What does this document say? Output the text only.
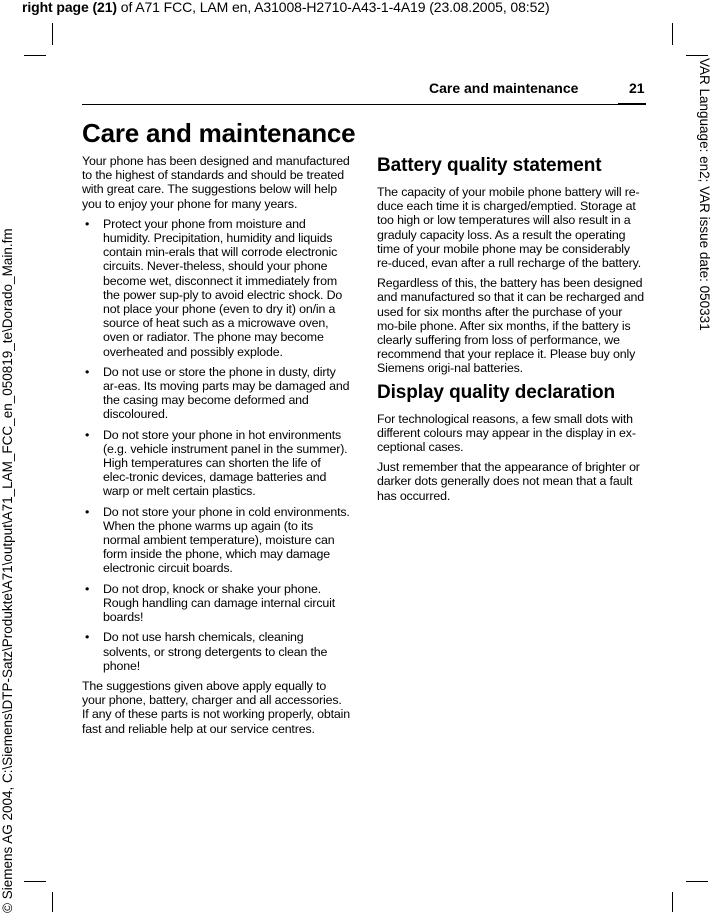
right page (21) of A71 FCC, LAM en, A31008-H2710-A43-1-4A19 (23.08.2005, 08:52)
VAR Language: en2; VAR issue date: 050331
© Siemens AG 2004, C:\Siemens\DTP-Satz\Produkte\A71\output\A71_LAM_FCC_en_050819_te\Dorado_Main.fm
Care and maintenance	21
Care and maintenance

Your phone has been designed and manufactured to the highest of standards and should be treated with great care. The suggestions below will help you to enjoy your phone for many years.

• Protect your phone from moisture and humidity. Precipitation, humidity and liquids contain min-erals that will corrode electronic circuits. Never-theless, should your phone become wet, disconnect it immediately from the power sup-ply to avoid electric shock. Do not place your phone (even to dry it) on/in a source of heat such as a microwave oven, oven or radiator. The phone may become overheated and possibly explode.
• Do not use or store the phone in dusty, dirty ar-eas. Its moving parts may be damaged and the casing may become deformed and discoloured.
• Do not store your phone in hot environments (e.g. vehicle instrument panel in the summer). High temperatures can shorten the life of elec-tronic devices, damage batteries and warp or melt certain plastics.
• Do not store your phone in cold environments. When the phone warms up again (to its normal ambient temperature), moisture can form inside the phone, which may damage electronic circuit boards.
• Do not drop, knock or shake your phone. Rough handling can damage internal circuit boards!
• Do not use harsh chemicals, cleaning solvents, or strong detergents to clean the phone!

The suggestions given above apply equally to your phone, battery, charger and all accessories. If any of these parts is not working properly, obtain fast and reliable help at our service centres.

Battery quality statement

The capacity of your mobile phone battery will re-duce each time it is charged/emptied. Storage at too high or low temperatures will also result in a gradulу capacity loss. As a result the operating time of your mobile phone may be considerably re-duced, evan after a rull recharge of the battery.

Regardless of this, the battery has been designed and manufactured so that it can be recharged and used for six months after the purchase of your mo-bile phone. After six months, if the battery is clearly suffering from loss of performance, we recommend that your replace it. Please buy only Siemens origi-nal batteries.

Display quality declaration

For technological reasons, a few small dots with different colours may appear in the display in ex-ceptional cases.

Just remember that the appearance of brighter or darker dots generally does not mean that a fault has occurred.
